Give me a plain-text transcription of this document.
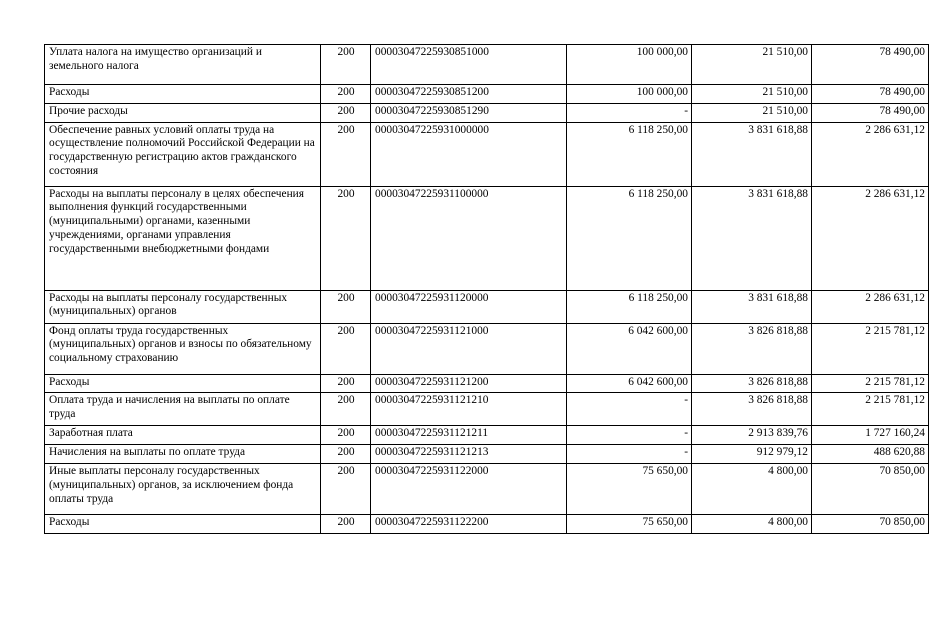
Уплата налога на имущество организаций и земельного налога	200	00003047225930851000	100 000,00	21 510,00	78 490,00
Расходы	200	00003047225930851200	100 000,00	21 510,00	78 490,00
Прочие расходы	200	00003047225930851290	-	21 510,00	78 490,00
Обеспечение равных условий оплаты труда на осуществление полномочий Российской Федерации на государственную регистрацию актов гражданского состояния	200	00003047225931000000	6 118 250,00	3 831 618,88	2 286 631,12
Расходы на выплаты персоналу в целях обеспечения выполнения функций государственными (муниципальными) органами, казенными учреждениями, органами управления государственными внебюджетными фондами	200	00003047225931100000	6 118 250,00	3 831 618,88	2 286 631,12
Расходы на выплаты персоналу государственных (муниципальных) органов	200	00003047225931120000	6 118 250,00	3 831 618,88	2 286 631,12
Фонд оплаты труда государственных (муниципальных) органов и взносы по обязательному социальному страхованию	200	00003047225931121000	6 042 600,00	3 826 818,88	2 215 781,12
Расходы	200	00003047225931121200	6 042 600,00	3 826 818,88	2 215 781,12
Оплата труда и начисления на выплаты по оплате труда	200	00003047225931121210	-	3 826 818,88	2 215 781,12
Заработная плата	200	00003047225931121211	-	2 913 839,76	1 727 160,24
Начисления на выплаты по оплате труда	200	00003047225931121213	-	912 979,12	488 620,88
Иные выплаты персоналу государственных (муниципальных) органов, за исключением фонда оплаты труда	200	00003047225931122000	75 650,00	4 800,00	70 850,00
Расходы	200	00003047225931122200	75 650,00	4 800,00	70 850,00
